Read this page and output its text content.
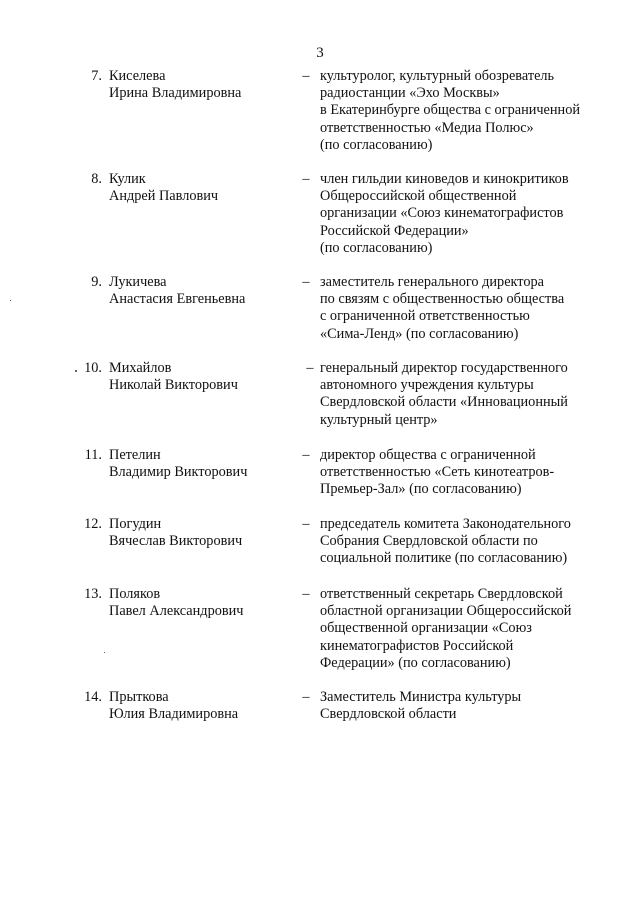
3
7. Киселева
Ирина Владимировна
– культуролог, культурный обозреватель
радиостанции «Эхо Москвы»
в Екатеринбурге общества с ограниченной
ответственностью «Медиа Полюс»
(по согласованию)
8. Кулик
Андрей Павлович
– член гильдии киноведов и кинокритиков
Общероссийской общественной
организации «Союз кинематографистов
Российской Федерации»
(по согласованию)
9. Лукичева
Анастасия Евгеньевна
– заместитель генерального директора
по связям с общественностью общества
с ограниченной ответственностью
«Сима-Ленд» (по согласованию)
10. Михайлов
Николай Викторович
– генеральный директор государственного
автономного учреждения культуры
Свердловской области «Инновационный
культурный центр»
11. Петелин
Владимир Викторович
– директор общества с ограниченной
ответственностью «Сеть кинотеатров-
Премьер-Зал» (по согласованию)
12. Погудин
Вячеслав Викторович
– председатель комитета Законодательного
Собрания Свердловской области по
социальной политике (по согласованию)
13. Поляков
Павел Александрович
– ответственный секретарь Свердловской
областной организации Общероссийской
общественной организации «Союз
кинематографистов Российской
Федерации» (по согласованию)
14. Прыткова
Юлия Владимировна
– Заместитель Министра культуры
Свердловской области
